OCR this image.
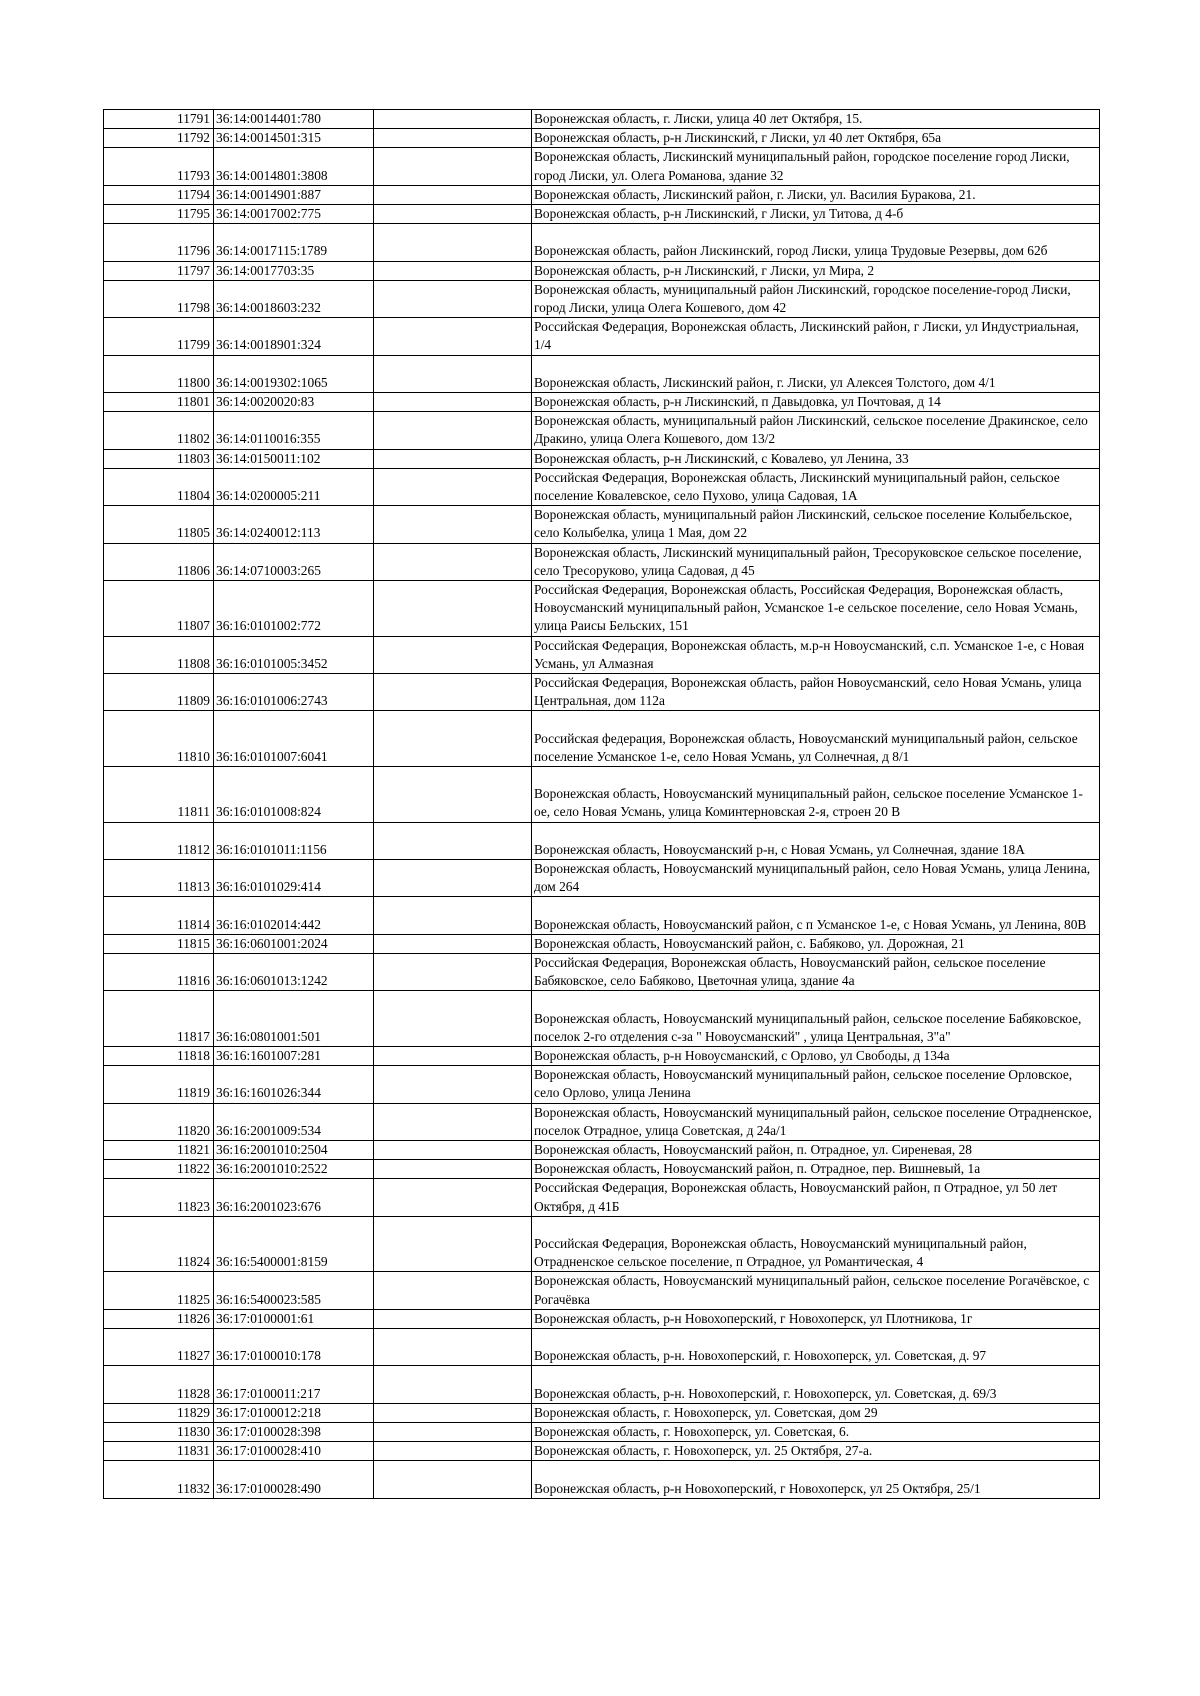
11791	36:14:0014401:780		Воронежская область, г. Лиски, улица 40 лет Октября, 15.
11792	36:14:0014501:315		Воронежская область, р-н Лискинский, г Лиски, ул 40 лет Октября, 65а
11793	36:14:0014801:3808		Воронежская область, Лискинский муниципальный район, городское поселение город Лиски, город Лиски, ул. Олега Романова, здание 32
11794	36:14:0014901:887		Воронежская область, Лискинский район, г. Лиски, ул. Василия Буракова, 21.
11795	36:14:0017002:775		Воронежская область, р-н Лискинский, г Лиски, ул Титова, д 4-б
11796	36:14:0017115:1789		Воронежская область, район Лискинский, город Лиски, улица Трудовые Резервы, дом 62б
11797	36:14:0017703:35		Воронежская область, р-н Лискинский, г Лиски, ул Мира, 2
11798	36:14:0018603:232		Воронежская область, муниципальный район Лискинский, городское поселение-город Лиски, город Лиски, улица Олега Кошевого, дом 42
11799	36:14:0018901:324		Российская Федерация, Воронежская область, Лискинский район, г Лиски, ул Индустриальная, 1/4
11800	36:14:0019302:1065		Воронежская область, Лискинский район, г. Лиски, ул Алексея Толстого, дом 4/1
11801	36:14:0020020:83		Воронежская область, р-н Лискинский, п Давыдовка, ул Почтовая, д 14
11802	36:14:0110016:355		Воронежская область, муниципальный район Лискинский, сельское поселение Дракинское, село Дракино, улица Олега Кошевого, дом 13/2
11803	36:14:0150011:102		Воронежская область, р-н Лискинский, с Ковалево, ул Ленина, 33
11804	36:14:0200005:211		Российская Федерация, Воронежская область, Лискинский муниципальный район, сельское поселение Ковалевское, село Пухово, улица Садовая, 1А
11805	36:14:0240012:113		Воронежская область, муниципальный район Лискинский, сельское поселение Колыбельское, село Колыбелка, улица 1 Мая, дом 22
11806	36:14:0710003:265		Воронежская область, Лискинский муниципальный район, Тресоруковское сельское поселение, село Тресоруково, улица Садовая, д 45
11807	36:16:0101002:772		Российская Федерация, Воронежская область, Российская Федерация, Воронежская область, Новоусманский муниципальный район, Усманское 1-е сельское поселение, село Новая Усмань, улица Раисы Бельских, 151
11808	36:16:0101005:3452		Российская Федерация, Воронежская область, м.р-н Новоусманский, с.п. Усманское 1-е, с Новая Усмань, ул Алмазная
11809	36:16:0101006:2743		Российская Федерация, Воронежская область, район Новоусманский, село Новая Усмань, улица Центральная, дом 112а
11810	36:16:0101007:6041		Российская федерация, Воронежская область, Новоусманский муниципальный район, сельское поселение Усманское 1-е, село Новая Усмань, ул Солнечная, д 8/1
11811	36:16:0101008:824		Воронежская область, Новоусманский муниципальный район, сельское поселение Усманское 1-ое, село Новая Усмань, улица Коминтерновская 2-я, строен 20 В
11812	36:16:0101011:1156		Воронежская область, Новоусманский р-н, с Новая Усмань, ул Солнечная, здание 18А
11813	36:16:0101029:414		Воронежская область, Новоусманский муниципальный район, село Новая Усмань, улица Ленина, дом 264
11814	36:16:0102014:442		Воронежская область, Новоусманский район, с п Усманское 1-е, с Новая Усмань, ул Ленина, 80В
11815	36:16:0601001:2024		Воронежская область, Новоусманский район, с. Бабяково, ул. Дорожная, 21
11816	36:16:0601013:1242		Российская Федерация, Воронежская область, Новоусманский район, сельское поселение Бабяковское, село Бабяково, Цветочная улица, здание 4а
11817	36:16:0801001:501		Воронежская область, Новоусманский муниципальный район, сельское поселение Бабяковское, поселок 2-го отделения с-за " Новоусманский" , улица Центральная, 3"а"
11818	36:16:1601007:281		Воронежская область, р-н Новоусманский, с Орлово, ул Свободы, д 134а
11819	36:16:1601026:344		Воронежская область, Новоусманский муниципальный район, сельское поселение Орловское, село Орлово, улица Ленина
11820	36:16:2001009:534		Воронежская область, Новоусманский муниципальный район, сельское поселение Отрадненское, поселок Отрадное, улица Советская, д 24а/1
11821	36:16:2001010:2504		Воронежская область, Новоусманский район, п. Отрадное, ул. Сиреневая, 28
11822	36:16:2001010:2522		Воронежская область, Новоусманский район, п. Отрадное, пер. Вишневый, 1а
11823	36:16:2001023:676		Российская Федерация, Воронежская область, Новоусманский район, п Отрадное, ул 50 лет Октября, д 41Б
11824	36:16:5400001:8159		Российская Федерация, Воронежская область, Новоусманский муниципальный район, Отрадненское сельское поселение, п Отрадное, ул Романтическая, 4
11825	36:16:5400023:585		Воронежская область, Новоусманский муниципальный район, сельское поселение Рогачёвское, с Рогачёвка
11826	36:17:0100001:61		Воронежская область, р-н Новохоперский, г Новохоперск, ул Плотникова, 1г
11827	36:17:0100010:178		Воронежская область, р-н. Новохоперский, г. Новохоперск, ул. Советская, д. 97
11828	36:17:0100011:217		Воронежская область, р-н. Новохоперский, г. Новохоперск, ул. Советская, д. 69/3
11829	36:17:0100012:218		Воронежская область, г. Новохоперск, ул. Советская, дом 29
11830	36:17:0100028:398		Воронежская область, г. Новохоперск, ул. Советская, 6.
11831	36:17:0100028:410		Воронежская область, г. Новохоперск, ул. 25 Октября, 27-а.
11832	36:17:0100028:490		Воронежская область, р-н Новохоперский, г Новохоперск, ул 25 Октября, 25/1
